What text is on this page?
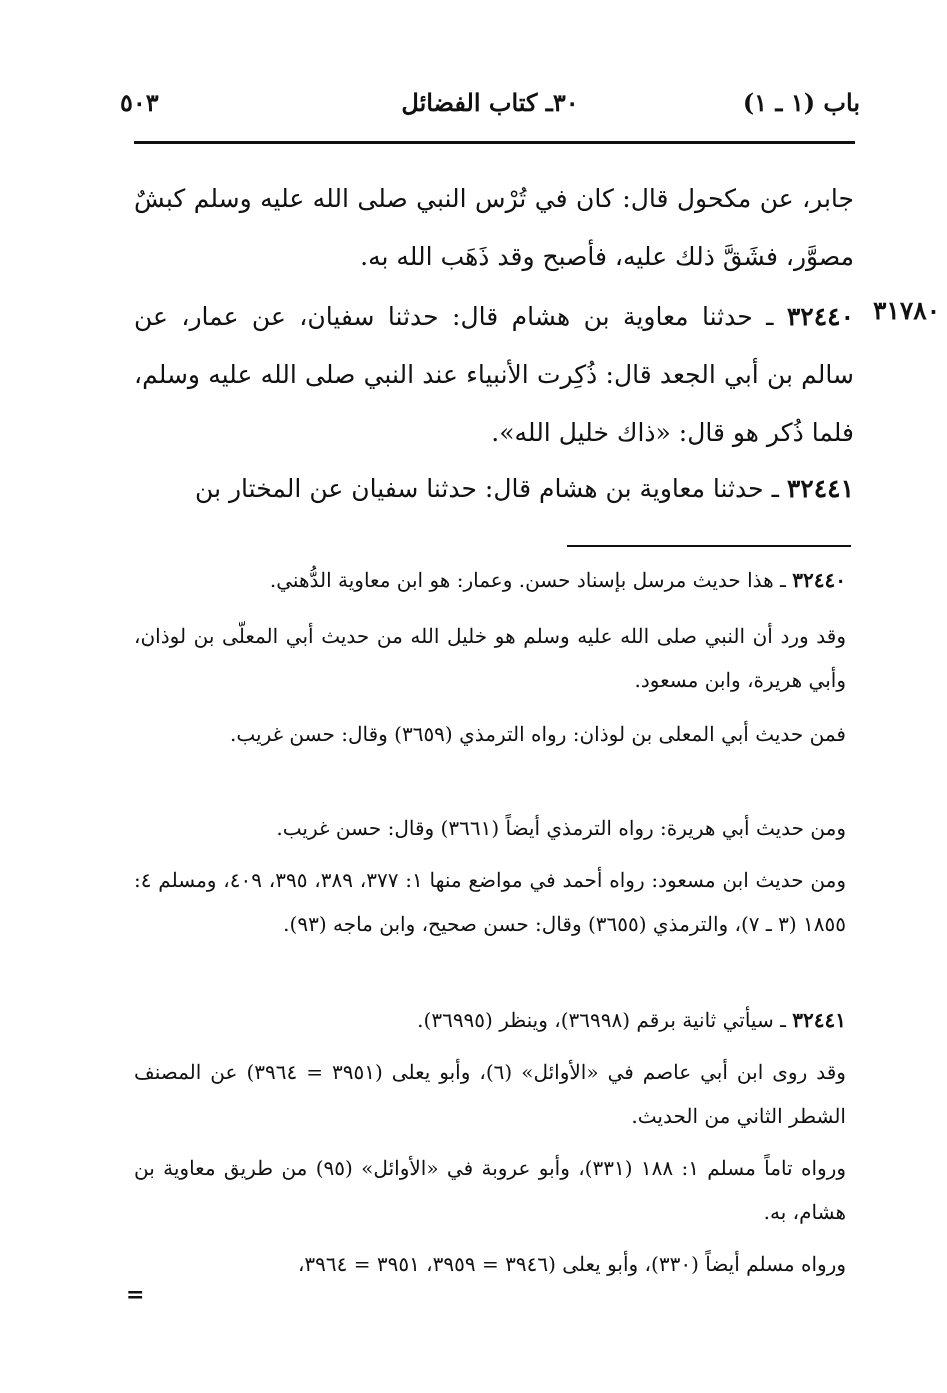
باب (١ ـ ١)
٣٠ـ كتاب الفضائل
٥٠٣
جابر، عن مكحول قال: كان في تُرْس النبي صلى الله عليه وسلم كبشٌ مصوَّر، فشَقَّ ذلك عليه، فأصبح وقد ذَهَب الله به.
٣١٧٨٠
٣٢٤٤٠ ـ حدثنا معاوية بن هشام قال: حدثنا سفيان، عن عمار، عن سالم بن أبي الجعد قال: ذُكِرت الأنبياء عند النبي صلى الله عليه وسلم، فلما ذُكر هو قال: «ذاك خليل الله».
٣٢٤٤١ ـ حدثنا معاوية بن هشام قال: حدثنا سفيان عن المختار بن
٣٢٤٤٠ ـ هذا حديث مرسل بإسناد حسن. وعمار: هو ابن معاوية الدُّهني.
وقد ورد أن النبي صلى الله عليه وسلم هو خليل الله من حديث أبي المعلّى بن لوذان، وأبي هريرة، وابن مسعود.
فمن حديث أبي المعلى بن لوذان: رواه الترمذي (٣٦٥٩) وقال: حسن غريب.
ومن حديث أبي هريرة: رواه الترمذي أيضاً (٣٦٦١) وقال: حسن غريب.
ومن حديث ابن مسعود: رواه أحمد في مواضع منها ١: ٣٧٧، ٣٨٩، ٣٩٥، ٤٠٩، ومسلم ٤: ١٨٥٥ (٣ ـ ٧)، والترمذي (٣٦٥٥) وقال: حسن صحيح، وابن ماجه (٩٣).
٣٢٤٤١ ـ سيأتي ثانية برقم (٣٦٩٩٨)، وينظر (٣٦٩٩٥).
وقد روى ابن أبي عاصم في «الأوائل» (٦)، وأبو يعلى (٣٩٥١ = ٣٩٦٤) عن المصنف الشطر الثاني من الحديث.
ورواه تاماً مسلم ١: ١٨٨ (٣٣١)، وأبو عروبة في «الأوائل» (٩٥) من طريق معاوية بن هشام، به.
ورواه مسلم أيضاً (٣٣٠)، وأبو يعلى (٣٩٤٦ = ٣٩٥٩، ٣٩٥١ = ٣٩٦٤،
=
